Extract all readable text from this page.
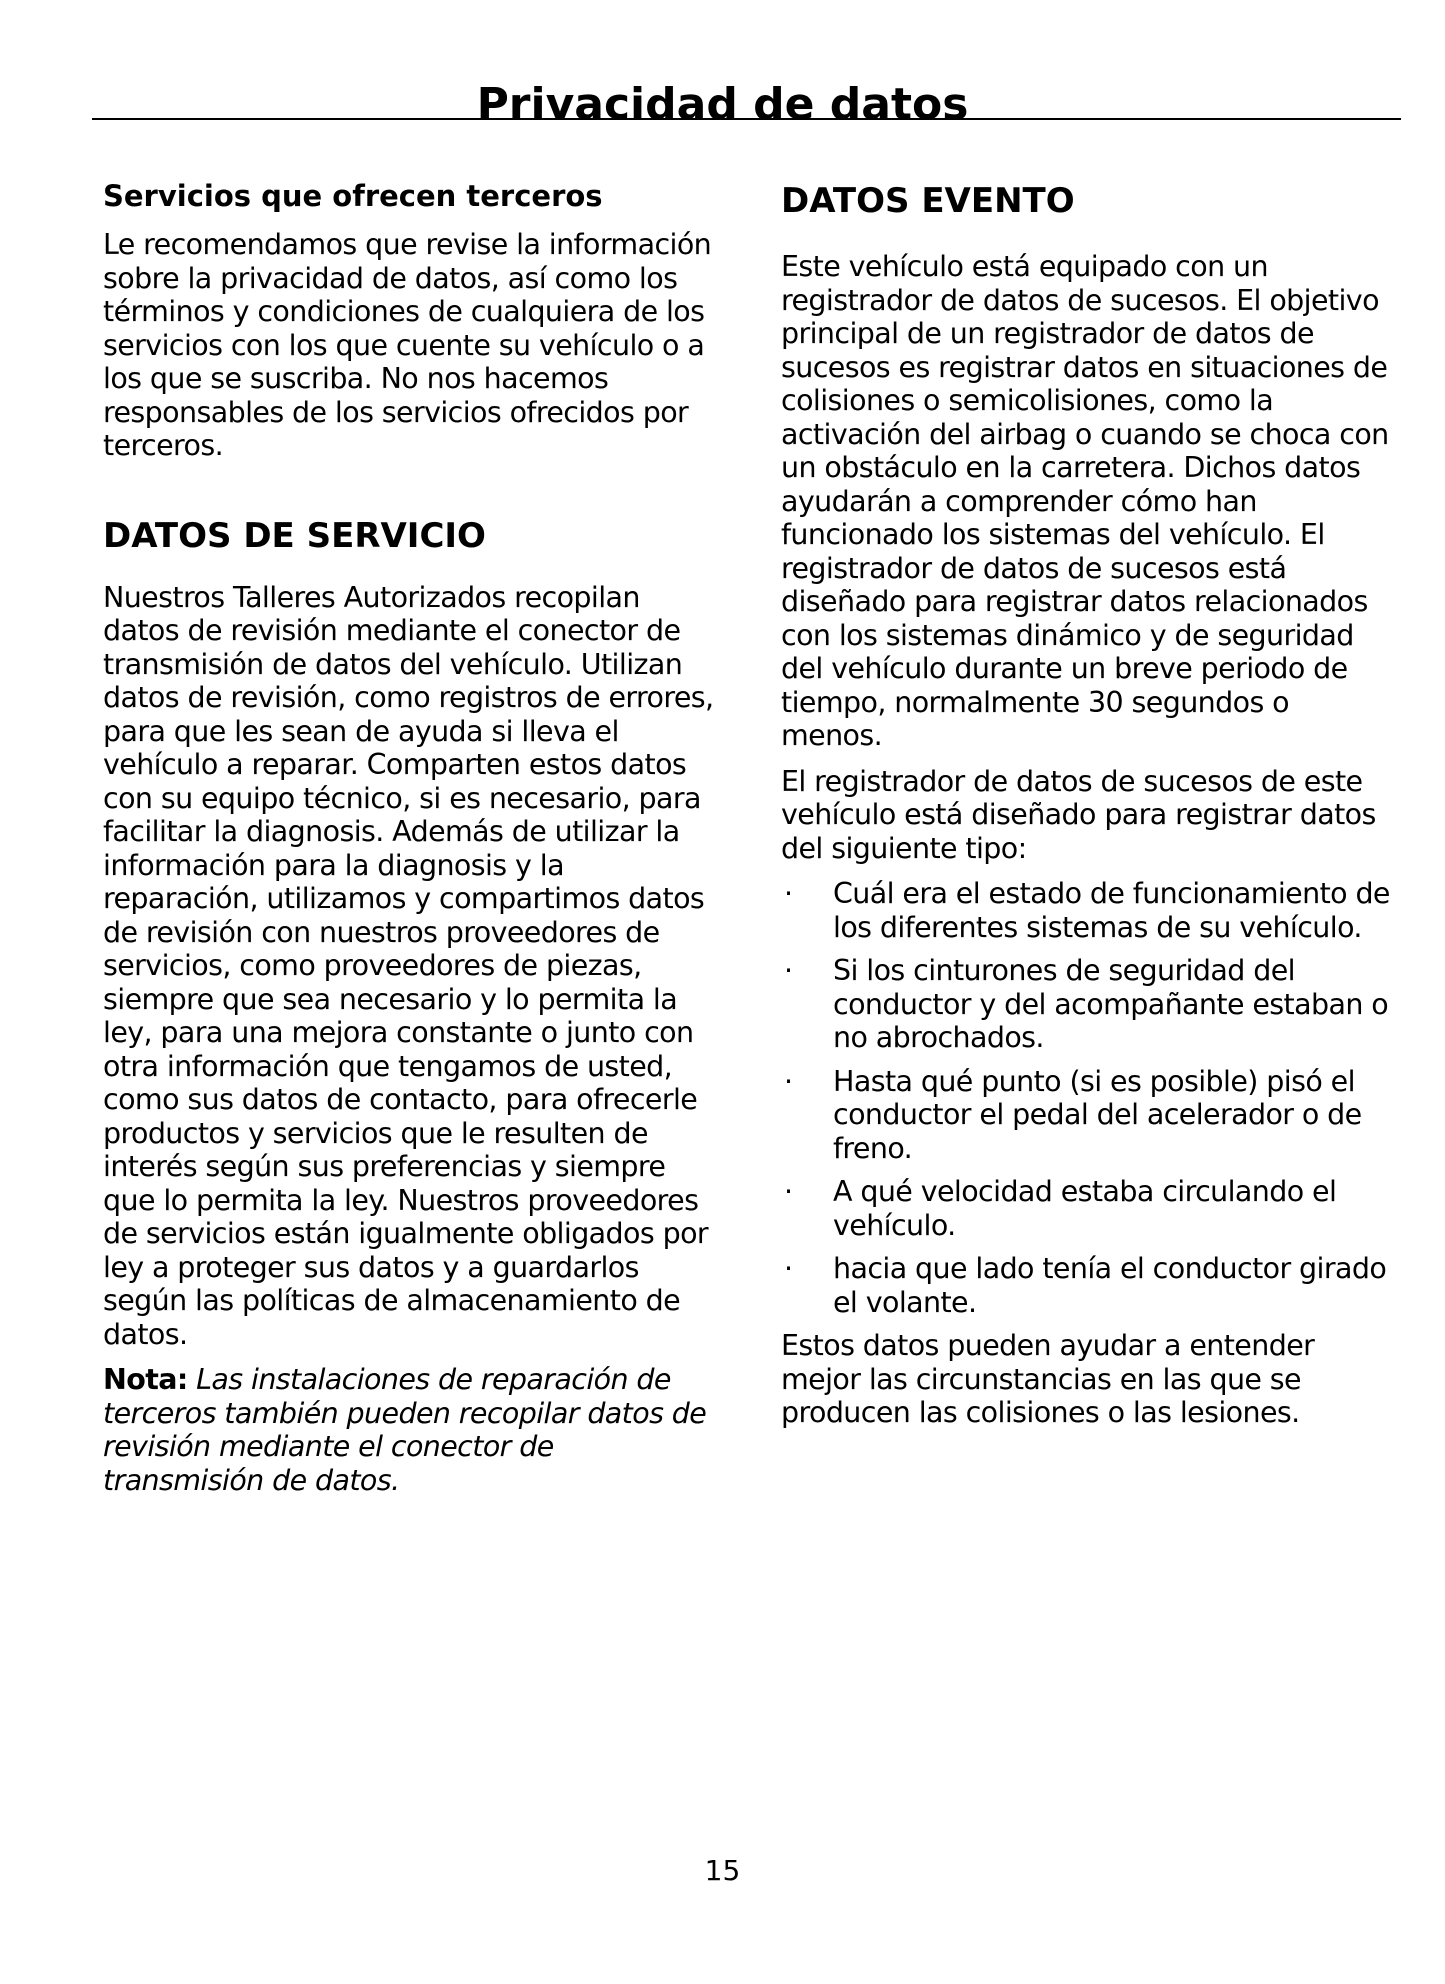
Privacidad de datos
Servicios que ofrecen terceros

Le recomendamos que revise la información sobre la privacidad de datos, así como los términos y condiciones de cualquiera de los servicios con los que cuente su vehículo o a los que se suscriba. No nos hacemos responsables de los servicios ofrecidos por terceros.

DATOS DE SERVICIO

Nuestros Talleres Autorizados recopilan datos de revisión mediante el conector de transmisión de datos del vehículo. Utilizan datos de revisión, como registros de errores, para que les sean de ayuda si lleva el vehículo a reparar. Comparten estos datos con su equipo técnico, si es necesario, para facilitar la diagnosis. Además de utilizar la información para la diagnosis y la reparación, utilizamos y compartimos datos de revisión con nuestros proveedores de servicios, como proveedores de piezas, siempre que sea necesario y lo permita la ley, para una mejora constante o junto con otra información que tengamos de usted, como sus datos de contacto, para ofrecerle productos y servicios que le resulten de interés según sus preferencias y siempre que lo permita la ley. Nuestros proveedores de servicios están igualmente obligados por ley a proteger sus datos y a guardarlos según las políticas de almacenamiento de datos.

Nota: Las instalaciones de reparación de terceros también pueden recopilar datos de revisión mediante el conector de transmisión de datos.

DATOS EVENTO

Este vehículo está equipado con un registrador de datos de sucesos. El objetivo principal de un registrador de datos de sucesos es registrar datos en situaciones de colisiones o semicolisiones, como la activación del airbag o cuando se choca con un obstáculo en la carretera. Dichos datos ayudarán a comprender cómo han funcionado los sistemas del vehículo. El registrador de datos de sucesos está diseñado para registrar datos relacionados con los sistemas dinámico y de seguridad del vehículo durante un breve periodo de tiempo, normalmente 30 segundos o menos.

El registrador de datos de sucesos de este vehículo está diseñado para registrar datos del siguiente tipo:

· Cuál era el estado de funcionamiento de los diferentes sistemas de su vehículo.
· Si los cinturones de seguridad del conductor y del acompañante estaban o no abrochados.
· Hasta qué punto (si es posible) pisó el conductor el pedal del acelerador o de freno.
· A qué velocidad estaba circulando el vehículo.
· hacia que lado tenía el conductor girado el volante.

Estos datos pueden ayudar a entender mejor las circunstancias en las que se producen las colisiones o las lesiones.

15
